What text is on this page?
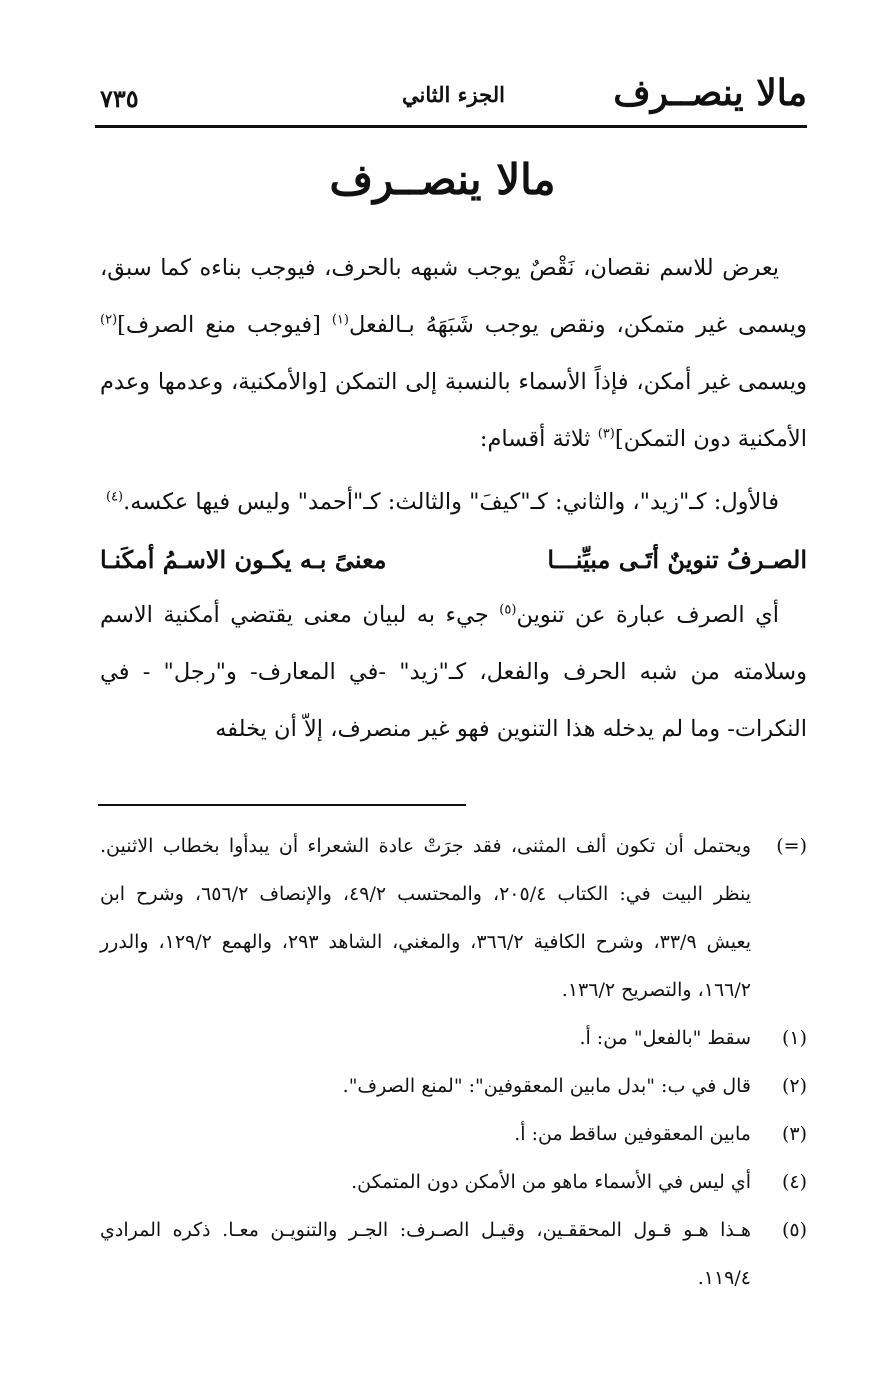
مالا ينصــرف
الجزء الثاني
٧٣٥
مالا ينصــرف

يعرض للاسم نقصان، نَقْصٌ يوجب شبهه بالحرف، فيوجب بناءه كما سبق، ويسمى غير متمكن، ونقص يوجب شَبَهَهُ بـالفعل$^{(١)}$ [فيوجب منع الصرف]$^{(٢)}$ ويسمى غير أمكن، فإذاً الأسماء بالنسبة إلى التمكن [والأمكنية، وعدمها وعدم الأمكنية دون التمكن]$^{(٣)}$ ثلاثة أقسام:

فالأول: كـ"زيد"، والثاني: كـ"كيفَ" والثالث: كـ"أحمد" وليس فيها عكسه.$^{(٤)}$

الصـرفُ تنوينٌ أتَـى مبيِّنـــا
معنىً بـه يكـون الاسـمُ أمكَنـا

أي الصرف عبارة عن تنوين$^{(٥)}$ جيء به لبيان معنى يقتضي أمكنية الاسم وسلامته من شبه الحرف والفعل، كـ"زيد" -في المعارف- و"رجل" - في النكرات- وما لم يدخله هذا التنوين فهو غير منصرف، إلاّ أن يخلفه

(=)
ويحتمل أن تكون ألف المثنى، فقد جرَتْ عادة الشعراء أن يبدأوا بخطاب الاثنين. ينظر البيت في: الكتاب ٢٠٥/٤، والمحتسب ٤٩/٢، والإنصاف ٦٥٦/٢، وشرح ابن يعيش ٣٣/٩، وشرح الكافية ٣٦٦/٢، والمغني، الشاهد ٢٩٣، والهمع ١٢٩/٢، والدرر ١٦٦/٢، والتصريح ١٣٦/٢.
(١)
سقط "بالفعل" من: أ.
(٢)
قال في ب: "بدل مابين المعقوفين": "لمنع الصرف".
(٣)
مابين المعقوفين ساقط من: أ.
(٤)
أي ليس في الأسماء ماهو من الأمكن دون المتمكن.
(٥)
هـذا هـو قـول المحققـين، وقيـل الصـرف: الجـر والتنويـن معـا. ذكره المرادي ١١٩/٤.
